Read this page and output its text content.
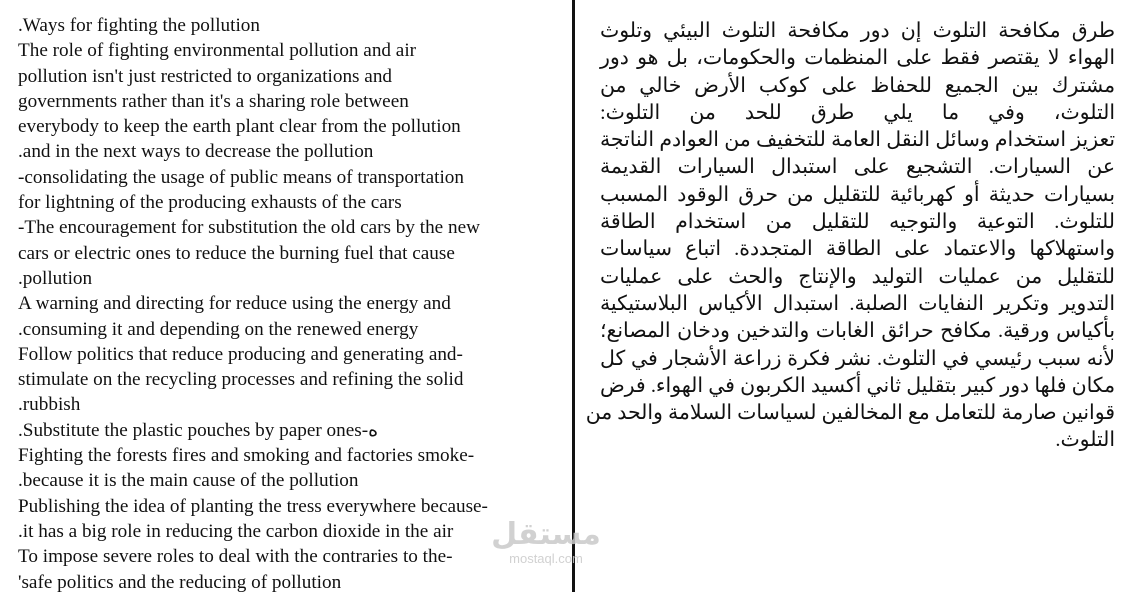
.Ways for fighting the pollution
The role of fighting environmental pollution and air
pollution isn't just restricted to organizations and
governments rather than it's a sharing role between
everybody to keep the earth plant clear from the pollution
.and in the next ways to decrease the pollution
-consolidating the usage of public means of transportation
for lightning of the producing exhausts of the cars
-The encouragement for substitution the old cars by the new
cars or electric ones to reduce the burning fuel that cause
.pollution
A warning and directing for reduce using the energy and
.consuming it and depending on the renewed energy
Follow politics that reduce producing and generating and-
stimulate on the recycling processes and refining the solid
.rubbish
.Substitute the plastic pouches by paper ones-ه
Fighting the forests fires and smoking and factories smoke-
.because it is the main cause of the pollution
Publishing the idea of planting the tress everywhere because-
.it has a big role in reducing the carbon dioxide in the air
To impose severe roles to deal with the contraries to the-
'safe politics and the reducing of pollution
طرق مكافحة التلوث إن دور مكافحة التلوث البيئي وتلوث
الهواء لا يقتصر فقط على المنظمات والحكومات، بل هو دور
مشترك بين الجميع للحفاظ على كوكب الأرض خالي من
التلوث، وفي ما يلي طرق للحد من التلوث:
تعزيز استخدام وسائل النقل العامة للتخفيف من العوادم الناتجة
عن السيارات. التشجيع على استبدال السيارات القديمة
بسيارات حديثة أو كهربائية للتقليل من حرق الوقود المسبب
للتلوث. التوعية والتوجيه للتقليل من استخدام الطاقة
واستهلاكها والاعتماد على الطاقة المتجددة. اتباع سياسات
للتقليل من عمليات التوليد والإنتاج والحث على عمليات
التدوير وتكرير النفايات الصلبة. استبدال الأكياس البلاستيكية
بأكياس ورقية. مكافح حرائق الغابات والتدخين ودخان المصانع؛
لأنه سبب رئيسي في التلوث. نشر فكرة زراعة الأشجار في كل
مكان فلها دور كبير بتقليل ثاني أكسيد الكربون في الهواء. فرض
قوانين صارمة للتعامل مع المخالفين لسياسات السلامة والحد من
التلوث.
مستقل
mostaql.com
